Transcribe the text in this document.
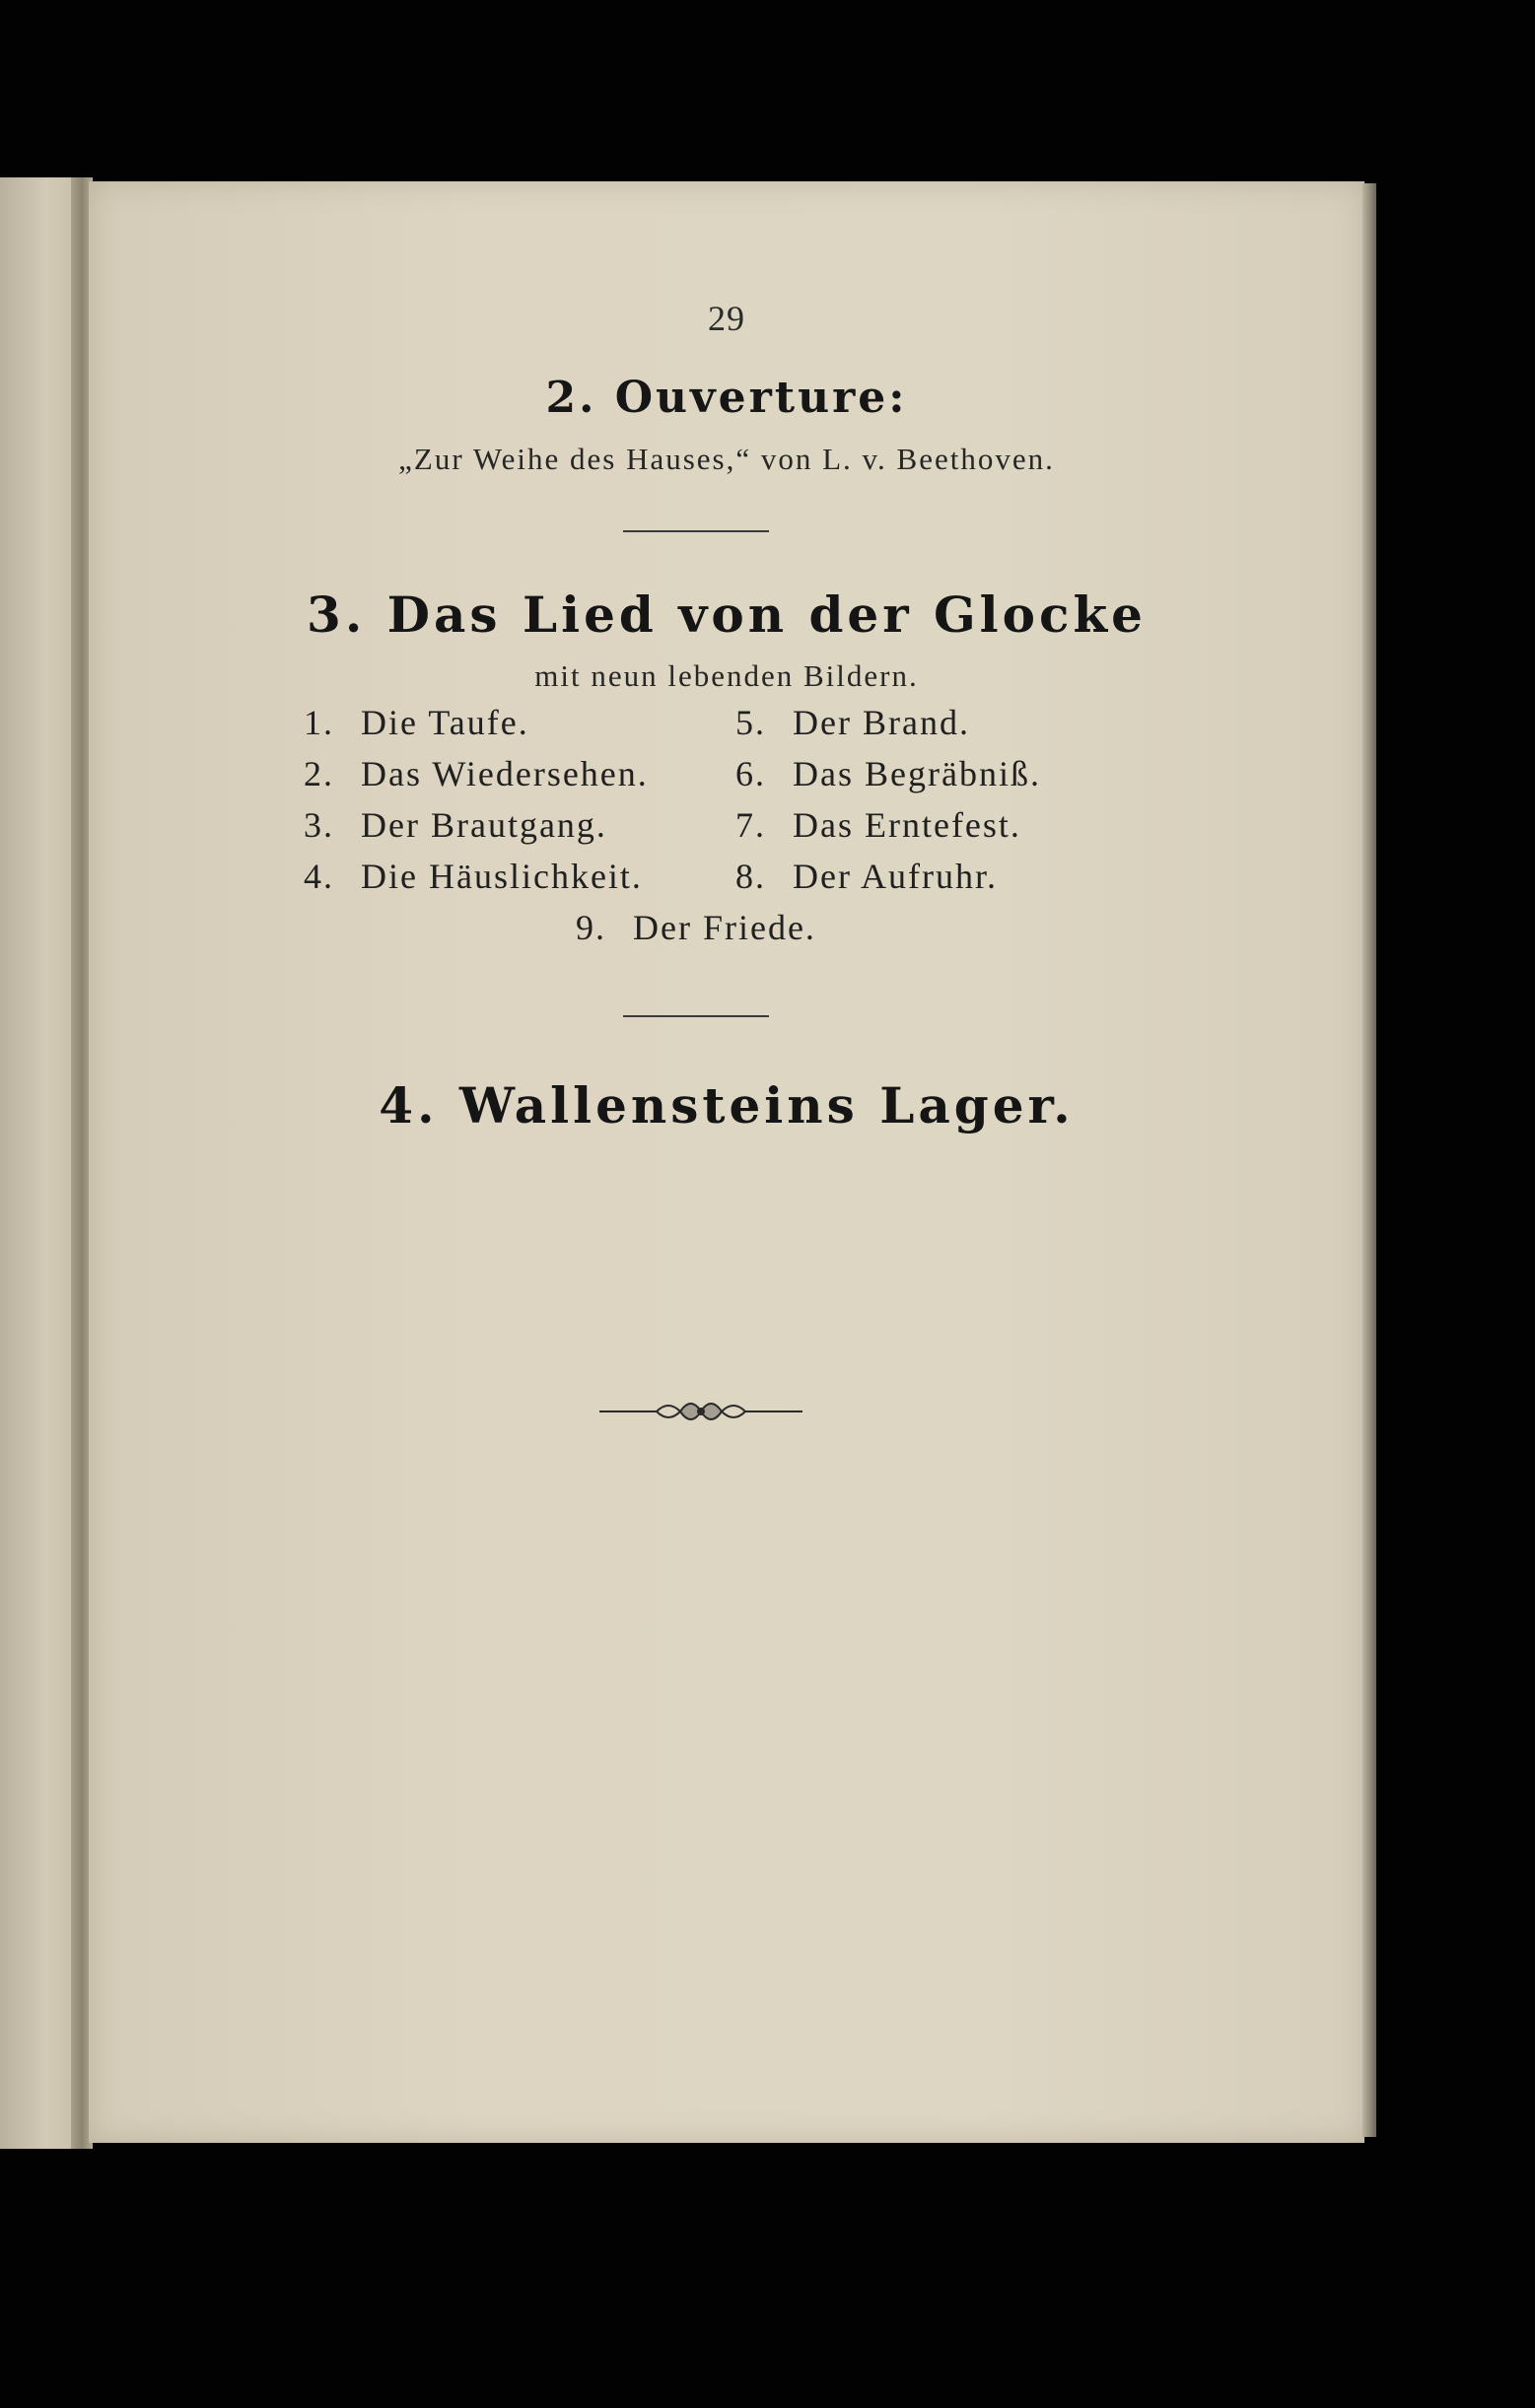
29
2. Ouverture:
„Zur Weihe des Hauses,“ von L. v. Beethoven.
3. Das Lied von der Glocke
mit neun lebenden Bildern.
1. Die Taufe.
2. Das Wiedersehen.
3. Der Brautgang.
4. Die Häuslichkeit.
5. Der Brand.
6. Das Begräbniß.
7. Das Erntefest.
8. Der Aufruhr.
9. Der Friede.
4. Wallensteins Lager.
